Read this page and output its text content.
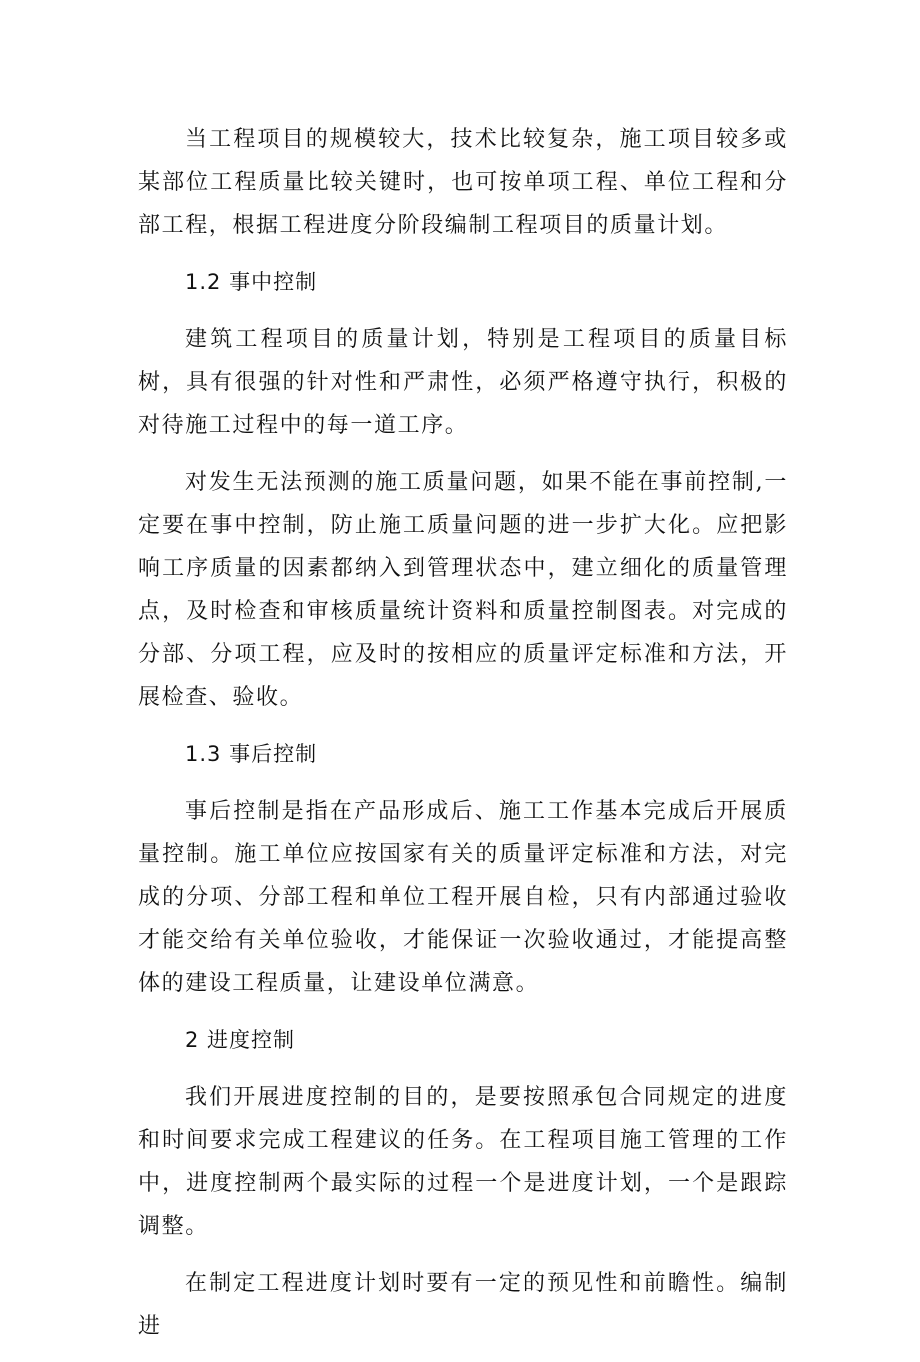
当工程项目的规模较大，技术比较复杂，施工项目较多或某部位工程质量比较关键时，也可按单项工程、单位工程和分部工程，根据工程进度分阶段编制工程项目的质量计划。

1.2 事中控制

建筑工程项目的质量计划，特别是工程项目的质量目标树，具有很强的针对性和严肃性，必须严格遵守执行，积极的对待施工过程中的每一道工序。

对发生无法预测的施工质量问题，如果不能在事前控制,一定要在事中控制，防止施工质量问题的进一步扩大化。应把影响工序质量的因素都纳入到管理状态中，建立细化的质量管理点，及时检查和审核质量统计资料和质量控制图表。对完成的分部、分项工程，应及时的按相应的质量评定标准和方法，开展检查、验收。

1.3 事后控制

事后控制是指在产品形成后、施工工作基本完成后开展质量控制。施工单位应按国家有关的质量评定标准和方法，对完成的分项、分部工程和单位工程开展自检，只有内部通过验收才能交给有关单位验收，才能保证一次验收通过，才能提高整体的建设工程质量，让建设单位满意。

2 进度控制

我们开展进度控制的目的，是要按照承包合同规定的进度和时间要求完成工程建议的任务。在工程项目施工管理的工作中，进度控制两个最实际的过程一个是进度计划，一个是跟踪调整。

在制定工程进度计划时要有一定的预见性和前瞻性。编制进
